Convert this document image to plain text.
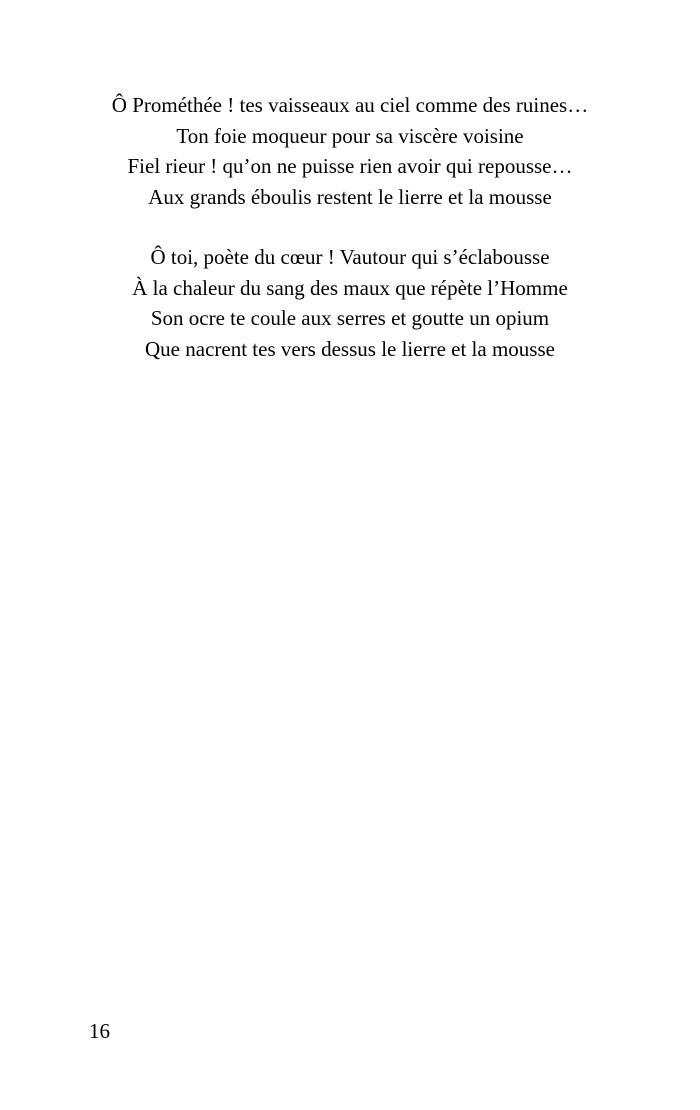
Ô Prométhée ! tes vaisseaux au ciel comme des ruines…
Ton foie moqueur pour sa viscère voisine
Fiel rieur ! qu’on ne puisse rien avoir qui repousse…
Aux grands éboulis restent le lierre et la mousse
Ô toi, poète du cœur ! Vautour qui s’éclabousse
À la chaleur du sang des maux que répète l’Homme
Son ocre te coule aux serres et goutte un opium
Que nacrent tes vers dessus le lierre et la mousse
16
